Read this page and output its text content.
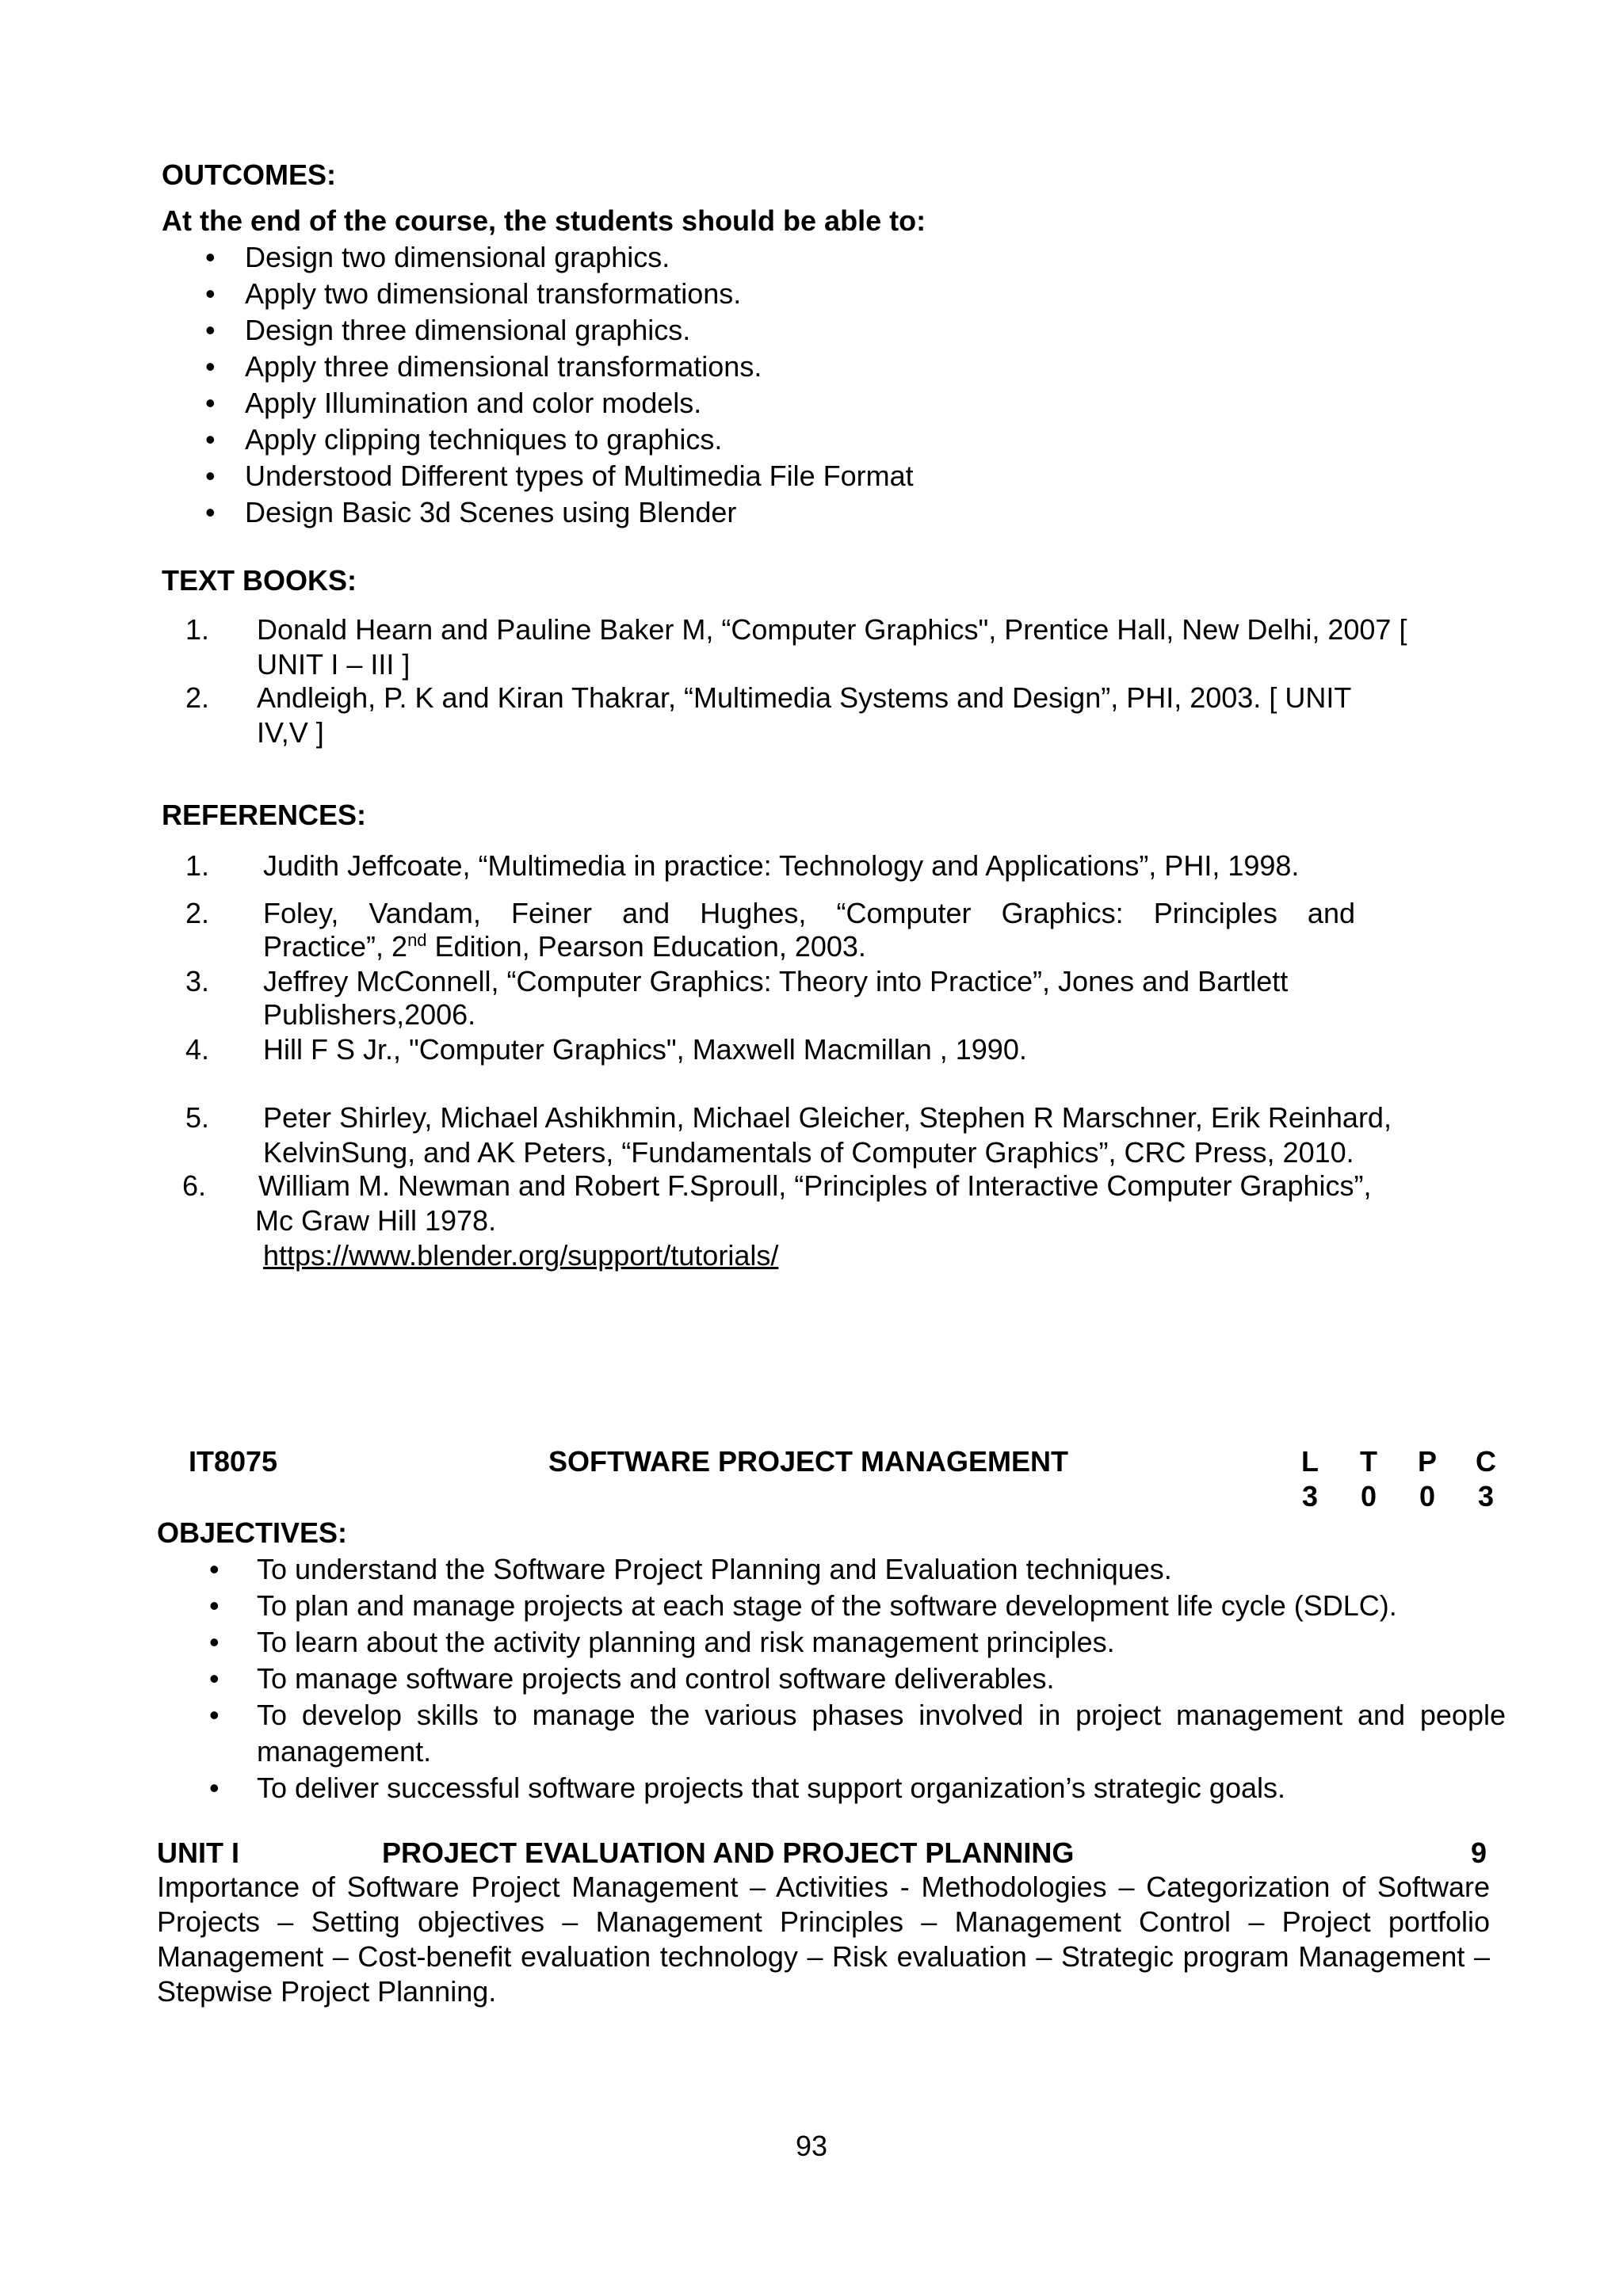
OUTCOMES:
At the end of the course, the students should be able to:
• Design two dimensional graphics.
• Apply two dimensional transformations.
• Design three dimensional graphics.
• Apply three dimensional transformations.
• Apply Illumination and color models.
• Apply clipping techniques to graphics.
• Understood Different types of Multimedia File Format
• Design Basic 3d Scenes using Blender
TEXT BOOKS:
1. Donald Hearn and Pauline Baker M, “Computer Graphics", Prentice Hall, New Delhi, 2007 [
UNIT I – III ]
2. Andleigh, P. K and Kiran Thakrar, “Multimedia Systems and Design”, PHI, 2003. [ UNIT
IV,V ]
REFERENCES:
1. Judith Jeffcoate, “Multimedia in practice: Technology and Applications”, PHI, 1998.
2. Foley, Vandam, Feiner and Hughes, “Computer Graphics: Principles and
Practice”, 2nd Edition, Pearson Education, 2003.
3. Jeffrey McConnell, “Computer Graphics: Theory into Practice”, Jones and Bartlett
Publishers,2006.
4. Hill F S Jr., "Computer Graphics", Maxwell Macmillan , 1990.
5. Peter Shirley, Michael Ashikhmin, Michael Gleicher, Stephen R Marschner, Erik Reinhard,
KelvinSung, and AK Peters, “Fundamentals of Computer Graphics”, CRC Press, 2010.
6. William M. Newman and Robert F.Sproull, “Principles of Interactive Computer Graphics”,
Mc Graw Hill 1978.
https://www.blender.org/support/tutorials/
IT8075	SOFTWARE PROJECT MANAGEMENT	L T P C
3 0 0 3
OBJECTIVES:
• To understand the Software Project Planning and Evaluation techniques.
• To plan and manage projects at each stage of the software development life cycle (SDLC).
• To learn about the activity planning and risk management principles.
• To manage software projects and control software deliverables.
• To develop skills to manage the various phases involved in project management and people management.
• To deliver successful software projects that support organization’s strategic goals.
UNIT I	PROJECT EVALUATION AND PROJECT PLANNING	9
Importance of Software Project Management – Activities - Methodologies – Categorization of Software Projects – Setting objectives – Management Principles – Management Control – Project portfolio Management – Cost-benefit evaluation technology – Risk evaluation – Strategic program Management – Stepwise Project Planning.
93
